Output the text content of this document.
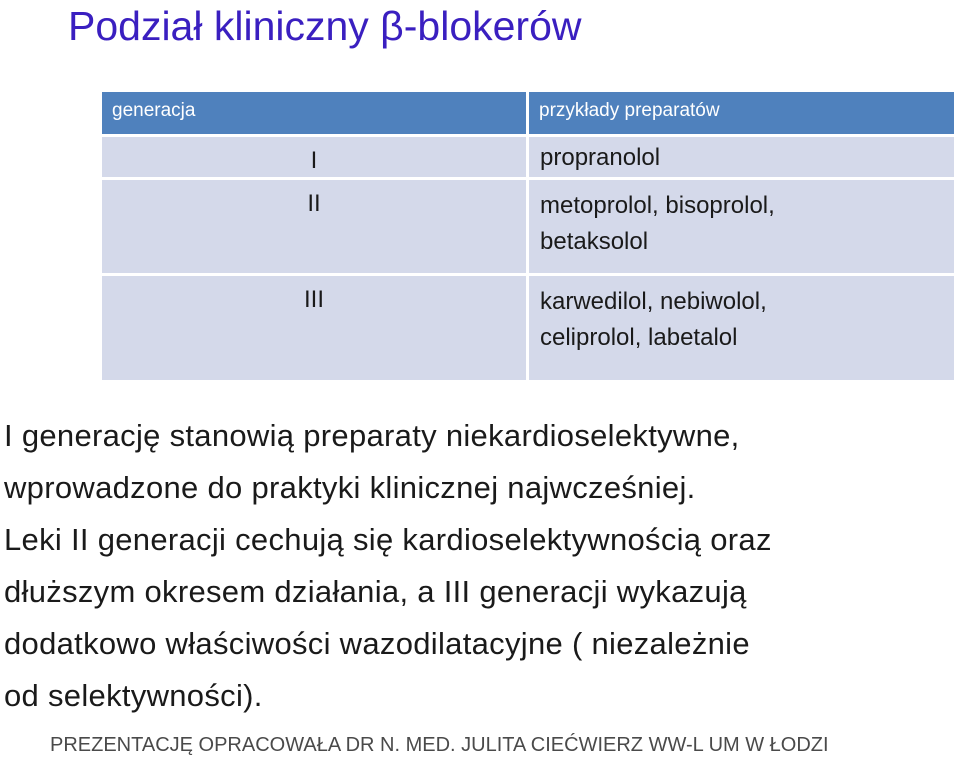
Podział kliniczny β-blokerów
generacja	przykłady preparatów
I	propranolol
II	metoprolol, bisoprolol,
betaksolol
III	karwedilol, nebiwolol,
celiprolol, labetalol
I generację stanowią preparaty niekardioselektywne,
wprowadzone do praktyki klinicznej najwcześniej.
Leki II generacji cechują się kardioselektywnością oraz
dłuższym okresem działania, a III generacji wykazują
dodatkowo właściwości wazodilatacyjne ( niezależnie
od selektywności).
PREZENTACJĘ OPRACOWAŁA DR N. MED. JULITA CIEĆWIERZ WW-L UM W ŁODZI
